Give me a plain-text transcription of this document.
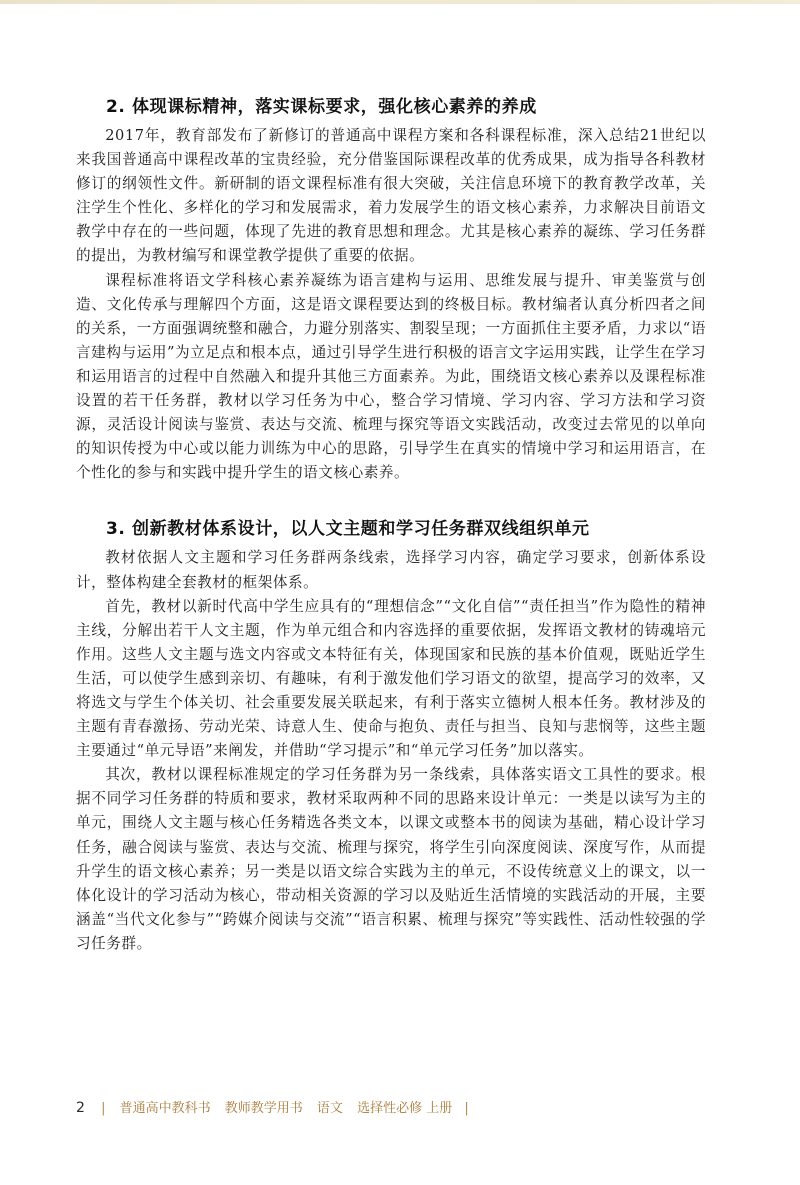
2. 体现课标精神，落实课标要求，强化核心素养的养成

2017年，教育部发布了新修订的普通高中课程方案和各科课程标准，深入总结21世纪以来我国普通高中课程改革的宝贵经验，充分借鉴国际课程改革的优秀成果，成为指导各科教材修订的纲领性文件。新研制的语文课程标准有很大突破，关注信息环境下的教育教学改革，关注学生个性化、多样化的学习和发展需求，着力发展学生的语文核心素养，力求解决目前语文教学中存在的一些问题，体现了先进的教育思想和理念。尤其是核心素养的凝练、学习任务群的提出，为教材编写和课堂教学提供了重要的依据。

课程标准将语文学科核心素养凝练为语言建构与运用、思维发展与提升、审美鉴赏与创造、文化传承与理解四个方面，这是语文课程要达到的终极目标。教材编者认真分析四者之间的关系，一方面强调统整和融合，力避分别落实、割裂呈现；一方面抓住主要矛盾，力求以“语言建构与运用”为立足点和根本点，通过引导学生进行积极的语言文字运用实践，让学生在学习和运用语言的过程中自然融入和提升其他三方面素养。为此，围绕语文核心素养以及课程标准设置的若干任务群，教材以学习任务为中心，整合学习情境、学习内容、学习方法和学习资源，灵活设计阅读与鉴赏、表达与交流、梳理与探究等语文实践活动，改变过去常见的以单向的知识传授为中心或以能力训练为中心的思路，引导学生在真实的情境中学习和运用语言，在个性化的参与和实践中提升学生的语文核心素养。

3. 创新教材体系设计，以人文主题和学习任务群双线组织单元

教材依据人文主题和学习任务群两条线索，选择学习内容，确定学习要求，创新体系设计，整体构建全套教材的框架体系。

首先，教材以新时代高中学生应具有的“理想信念”“文化自信”“责任担当”作为隐性的精神主线，分解出若干人文主题，作为单元组合和内容选择的重要依据，发挥语文教材的铸魂培元作用。这些人文主题与选文内容或文本特征有关，体现国家和民族的基本价值观，既贴近学生生活，可以使学生感到亲切、有趣味，有利于激发他们学习语文的欲望，提高学习的效率，又将选文与学生个体关切、社会重要发展关联起来，有利于落实立德树人根本任务。教材涉及的主题有青春激扬、劳动光荣、诗意人生、使命与抱负、责任与担当、良知与悲悯等，这些主题主要通过“单元导语”来阐发，并借助“学习提示”和“单元学习任务”加以落实。

其次，教材以课程标准规定的学习任务群为另一条线索，具体落实语文工具性的要求。根据不同学习任务群的特质和要求，教材采取两种不同的思路来设计单元：一类是以读写为主的单元，围绕人文主题与核心任务精选各类文本，以课文或整本书的阅读为基础，精心设计学习任务，融合阅读与鉴赏、表达与交流、梳理与探究，将学生引向深度阅读、深度写作，从而提升学生的语文核心素养；另一类是以语文综合实践为主的单元，不设传统意义上的课文，以一体化设计的学习活动为核心，带动相关资源的学习以及贴近生活情境的实践活动的开展，主要涵盖“当代文化参与”“跨媒介阅读与交流”“语言积累、梳理与探究”等实践性、活动性较强的学习任务群。

2 | 普通高中教科书 教师教学用书 语文 选择性必修 上册 |
